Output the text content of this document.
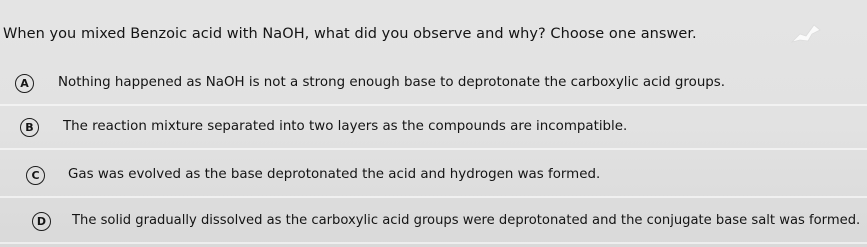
When you mixed Benzoic acid with NaOH, what did you observe and why? Choose one answer.
A	Nothing happened as NaOH is not a strong enough base to deprotonate the carboxylic acid groups.
B	The reaction mixture separated into two layers as the compounds are incompatible.
C	Gas was evolved as the base deprotonated the acid and hydrogen was formed.
D	The solid gradually dissolved as the carboxylic acid groups were deprotonated and the conjugate base salt was formed.
